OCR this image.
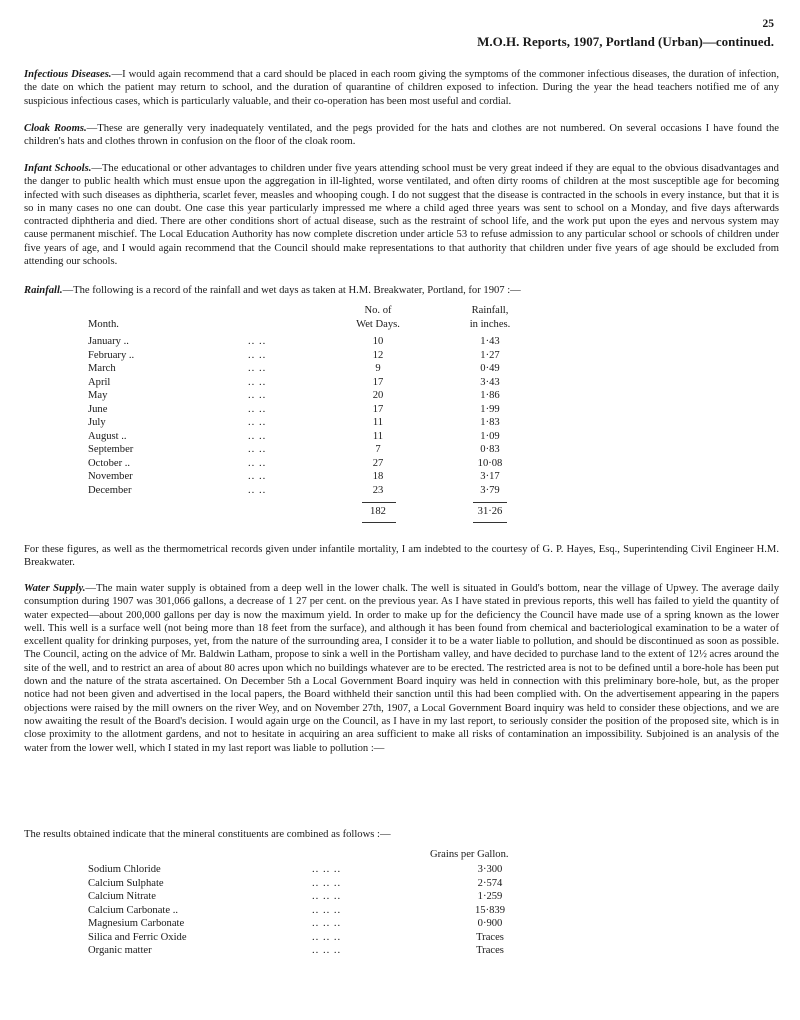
25
M.O.H. Reports, 1907, Portland (Urban)—continued.

Infectious Diseases.—I would again recommend that a card should be placed in each room giving the symptoms of the commoner infectious diseases, the duration of infection, the date on which the patient may return to school, and the duration of quarantine of children exposed to infection. During the year the head teachers notified me of any suspicious infectious cases, which is particularly valuable, and their co-operation has been most useful and cordial.

Cloak Rooms.—These are generally very inadequately ventilated, and the pegs provided for the hats and clothes are not numbered. On several occasions I have found the children's hats and clothes thrown in confusion on the floor of the cloak room.

Infant Schools.—The educational or other advantages to children under five years attending school must be very great indeed if they are equal to the obvious disadvantages and the danger to public health which must ensue upon the aggregation in ill-lighted, worse ventilated, and often dirty rooms of children at the most susceptible age for becoming infected with such diseases as diphtheria, scarlet fever, measles and whooping cough. I do not suggest that the disease is contracted in the schools in every instance, but that it is so in many cases no one can doubt. One case this year particularly impressed me where a child aged three years was sent to school on a Monday, and five days afterwards contracted diphtheria and died. There are other conditions short of actual disease, such as the restraint of school life, and the work put upon the eyes and nervous system may cause permanent mischief. The Local Education Authority has now complete discretion under article 53 to refuse admission to any particular school or schools of children under five years of age, and I would again recommend that the Council should make representations to that authority that children under five years of age should be excluded from attending our schools.

Rainfall.—The following is a record of the rainfall and wet days as taken at H.M. Breakwater, Portland, for 1907 :—

Month.
No. of
Wet Days.
Rainfall,
in inches.
January ..	.. ..	10	1·43
February ..	.. ..	12	1·27
March	.. ..	9	0·49
April	.. ..	17	3·43
May	.. ..	20	1·86
June	.. ..	17	1·99
July	.. ..	11	1·83
August ..	.. ..	11	1·09
September	.. ..	7	0·83
October ..	.. ..	27	10·08
November	.. ..	18	3·17
December	.. ..	23	3·79
182	31·26

For these figures, as well as the thermometrical records given under infantile mortality, I am indebted to the courtesy of G. P. Hayes, Esq., Superintending Civil Engineer H.M. Breakwater.

Water Supply.—The main water supply is obtained from a deep well in the lower chalk. The well is situated in Gould's bottom, near the village of Upwey. The average daily consumption during 1907 was 301,066 gallons, a decrease of 1 27 per cent. on the previous year. As I have stated in previous reports, this well has failed to yield the quantity of water expected—about 200,000 gallons per day is now the maximum yield. In order to make up for the deficiency the Council have made use of a spring known as the lower well. This well is a surface well (not being more than 18 feet from the surface), and although it has been found from chemical and bacteriological examination to be a water of excellent quality for drinking purposes, yet, from the nature of the surrounding area, I consider it to be a water liable to pollution, and should be discontinued as soon as possible. The Council, acting on the advice of Mr. Baldwin Latham, propose to sink a well in the Portisham valley, and have decided to purchase land to the extent of 12½ acres around the site of the well, and to restrict an area of about 80 acres upon which no buildings whatever are to be erected. The restricted area is not to be defined until a bore-hole has been put down and the nature of the strata ascertained. On December 5th a Local Government Board inquiry was held in connection with this preliminary bore-hole, but, as the proper notice had not been given and advertised in the local papers, the Board withheld their sanction until this had been complied with. On the advertisement appearing in the papers objections were raised by the mill owners on the river Wey, and on November 27th, 1907, a Local Government Board inquiry was held to consider these objections, and we are now awaiting the result of the Board's decision. I would again urge on the Council, as I have in my last report, to seriously consider the position of the proposed site, which is in close proximity to the allotment gardens, and not to hesitate in acquiring an area sufficient to make all risks of contamination an impossibility. Subjoined is an analysis of the water from the lower well, which I stated in my last report was liable to pollution :—

The results obtained indicate that the mineral constituents are combined as follows :—

Grains per Gallon.
Sodium Chloride	.. .. ..	3·300
Calcium Sulphate	.. .. ..	2·574
Calcium Nitrate	.. .. ..	1·259
Calcium Carbonate ..	.. .. ..	15·839
Magnesium Carbonate	.. .. ..	0·900
Silica and Ferric Oxide	.. .. ..	Traces
Organic matter	.. .. ..	Traces
